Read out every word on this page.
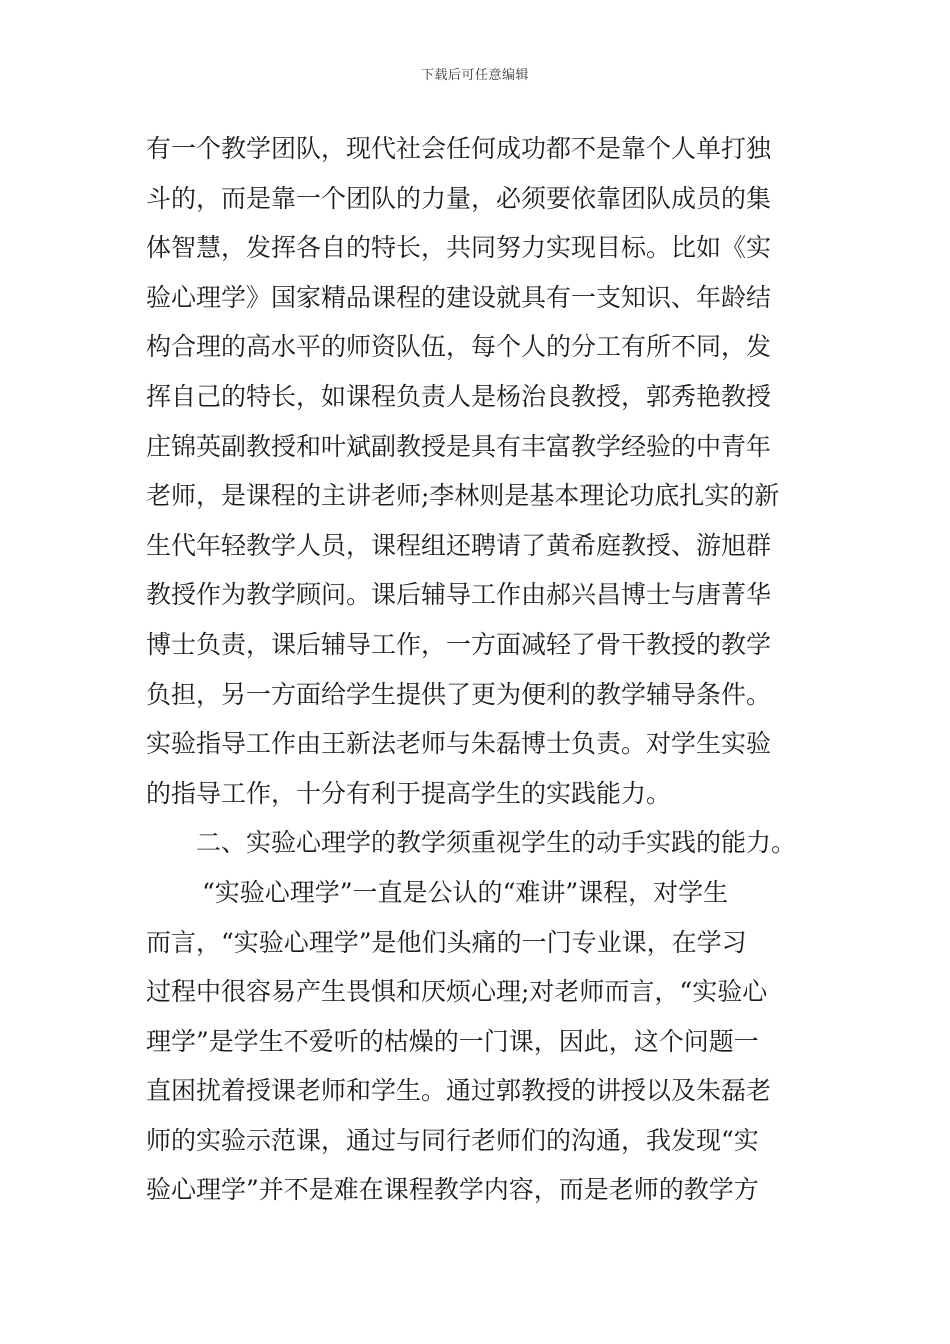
下载后可任意编辑
有一个教学团队，现代社会任何成功都不是靠个人单打独
斗的，而是靠一个团队的力量，必须要依靠团队成员的集
体智慧，发挥各自的特长，共同努力实现目标。比如《实
验心理学》国家精品课程的建设就具有一支知识、年龄结
构合理的高水平的师资队伍，每个人的分工有所不同，发
挥自己的特长，如课程负责人是杨治良教授，郭秀艳教授
庄锦英副教授和叶斌副教授是具有丰富教学经验的中青年
老师，是课程的主讲老师;李林则是基本理论功底扎实的新
生代年轻教学人员，课程组还聘请了黄希庭教授、游旭群
教授作为教学顾问。课后辅导工作由郝兴昌博士与唐菁华
博士负责，课后辅导工作，一方面减轻了骨干教授的教学
负担，另一方面给学生提供了更为便利的教学辅导条件。
实验指导工作由王新法老师与朱磊博士负责。对学生实验
的指导工作，十分有利于提高学生的实践能力。
二、实验心理学的教学须重视学生的动手实践的能力。
“实验心理学”一直是公认的“难讲”课程，对学生
而言，“实验心理学”是他们头痛的一门专业课，在学习
过程中很容易产生畏惧和厌烦心理;对老师而言，“实验心
理学”是学生不爱听的枯燥的一门课，因此，这个问题一
直困扰着授课老师和学生。通过郭教授的讲授以及朱磊老
师的实验示范课，通过与同行老师们的沟通，我发现“实
验心理学”并不是难在课程教学内容，而是老师的教学方
